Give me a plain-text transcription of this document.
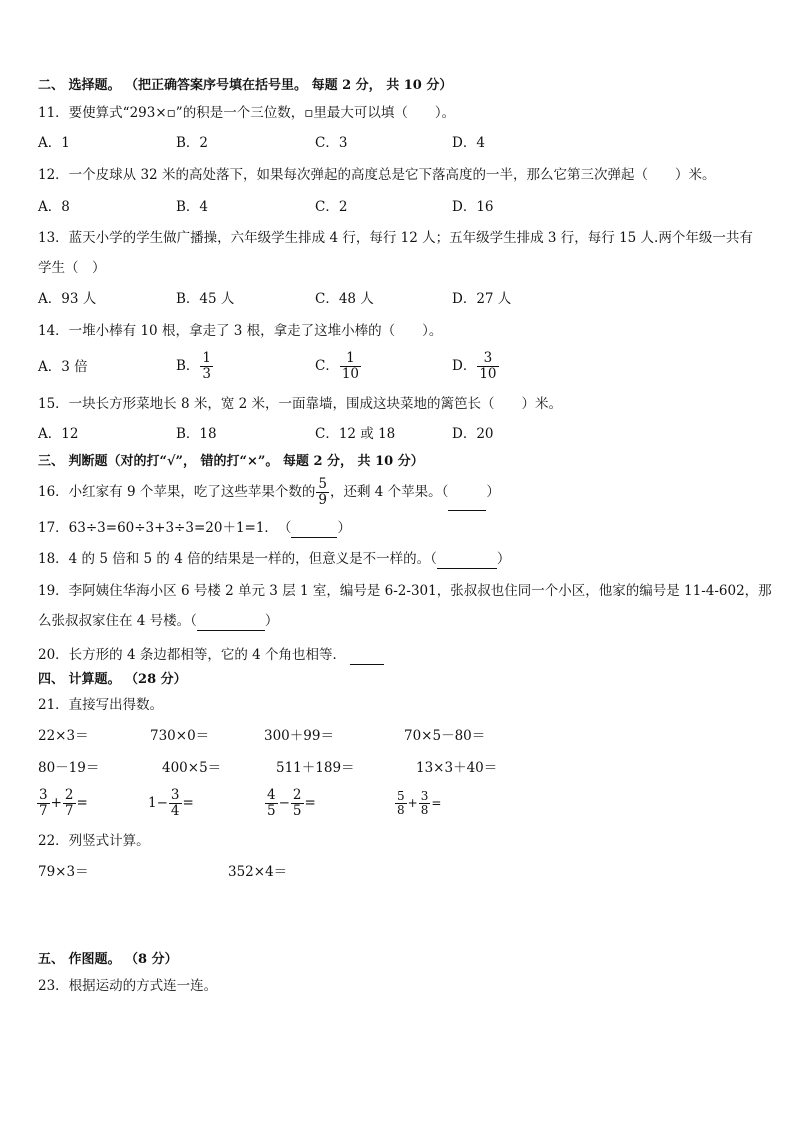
二、 选择题。 （把正确答案序号填在括号里。 每题 2 分， 共 10 分）
11．要使算式“293×▫”的积是一个三位数，▫里最大可以填（　　）。
A．1	B．2	C．3	D．4
12．一个皮球从 32 米的高处落下，如果每次弹起的高度总是它下落高度的一半，那么它第三次弹起（　　）米。
A．8	B．4	C．2	D．16
13．蓝天小学的学生做广播操，六年级学生排成 4 行，每行 12 人；五年级学生排成 3 行，每行 15 人.两个年级一共有
学生（　）
A．93 人	B．45 人	C．48 人	D．27 人
14．一堆小棒有 10 根，拿走了 3 根，拿走了这堆小棒的（　　）。
A．3 倍	B． $\frac{1}{3}$	C． $\frac{1}{10}$	D． $\frac{3}{10}$
15．一块长方形菜地长 8 米，宽 2 米，一面靠墙，围成这块菜地的篱笆长（　　）米。
A．12	B．18	C．12 或 18	D．20
三、 判断题（对的打“√”， 错的打“×”。 每题 2 分， 共 10 分）
16．小红家有 9 个苹果，吃了这些苹果个数的 $\frac{5}{9}$ ，还剩 4 个苹果。（	）
17．63÷3=60÷3+3÷3=20＋1=1．　（	）
18．4 的 5 倍和 5 的 4 倍的结果是一样的，但意义是不一样的。（	）
19．李阿姨住华海小区 6 号楼 2 单元 3 层 1 室，编号是 6-2-301，张叔叔也住同一个小区，他家的编号是 11-4-602，那
么张叔叔家住在 4 号楼。（	）
20．长方形的 4 条边都相等，它的 4 个角也相等．
四、 计算题。 （28 分）
21．直接写出得数。
22×3＝	730×0＝	300＋99＝	70×5－80＝
80－19＝	400×5＝	511＋189＝	13×3＋40＝
$\frac{3}{7} + \frac{2}{7}$ =	$1- \frac{3}{4}$ =	$\frac{4}{5} - \frac{2}{5}$ =	$\frac{5}{8} + \frac{3}{8}$ =
22．列竖式计算。
79×3＝	352×4＝
五、 作图题。 （8 分）
23．根据运动的方式连一连。
